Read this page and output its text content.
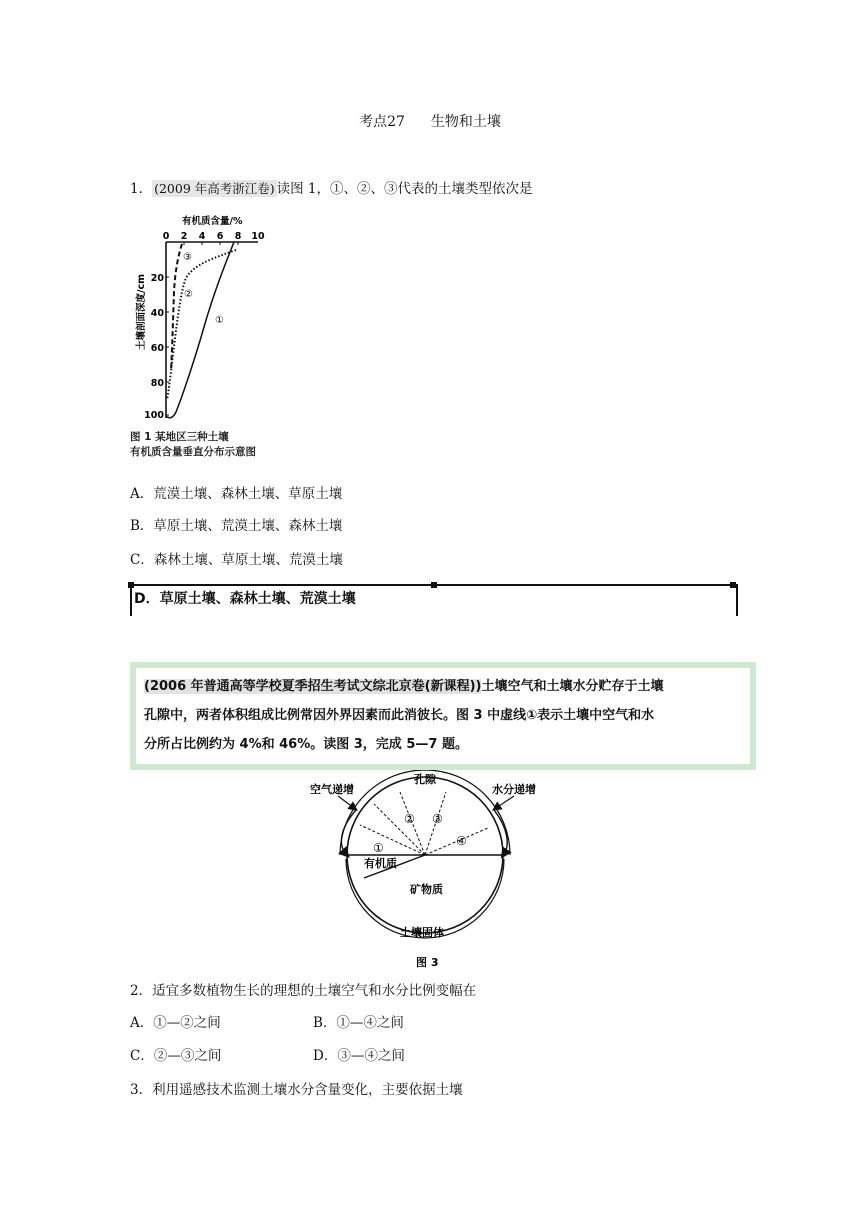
考点27 生物和土壤
1． (2009 年高考浙江卷) 读图 1，①、②、③代表的土壤类型依次是
有机质含量/%
0 2 4 6 8 10
20
40
60
80
100
土壤剖面深度/cm	①
②
③
图 1 某地区三种土壤
有机质含量垂直分布示意图
A．荒漠土壤、森林土壤、草原土壤
B．草原土壤、荒漠土壤、森林土壤
C．森林土壤、草原土壤、荒漠土壤
D．草原土壤、森林土壤、荒漠土壤

(2006 年普通高等学校夏季招生考试文综北京卷(新课程))土壤空气和土壤水分贮存于土壤

孔隙中，两者体积组成比例常因外界因素而此消彼长。图 3 中虚线①表示土壤中空气和水

分所占比例约为 4%和 46%。读图 3，完成 5—7 题。

孔隙
空气递增	水分递增
有机质
矿物质
土壤固体
图 3
①
② ③
④
2．适宜多数植物生长的理想的土壤空气和水分比例变幅在
A．①—②之间	B．①—④之间
C．②—③之间	D．③—④之间
3．利用遥感技术监测土壤水分含量变化，主要依据土壤
